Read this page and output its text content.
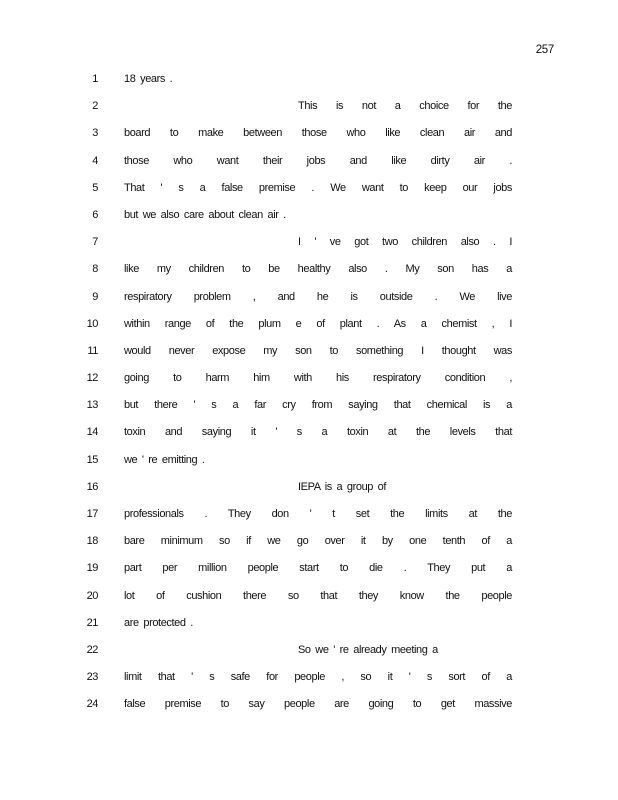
257
1 18 years .
2	This is not a choice for the
3 board to make between those who like clean air and
4 those who want their jobs and like dirty air .
5 That ' s a false premise . We want to keep our jobs
6 but we also care about clean air .
7	I ' ve got two children also . I
8 like my children to be healthy also . My son has a
9 respiratory problem , and he is outside . We live
10 within range of the plum e of plant . As a chemist , I
11 would never expose my son to something I thought was
12 going to harm him with his respiratory condition ,
13 but there ' s a far cry from saying that chemical is a
14 toxin and saying it ' s a toxin at the levels that
15 we ' re emitting .
16	IEPA is a group of
17 professionals . They don ' t set the limits at the
18 bare minimum so if we go over it by one tenth of a
19 part per million people start to die . They put a
20 lot of cushion there so that they know the people
21 are protected .
22	So we ' re already meeting a
23 limit that ' s safe for people , so it ' s sort of a
24 false premise to say people are going to get massive
